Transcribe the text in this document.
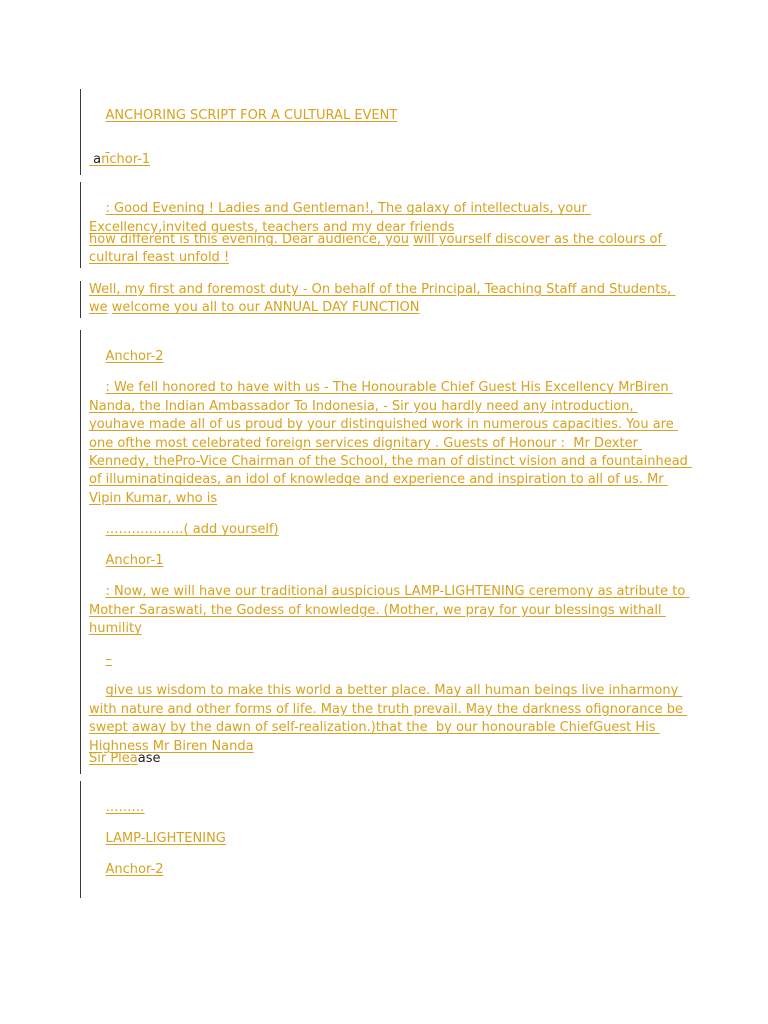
ANCHORING SCRIPT FOR A CULTURAL EVENT

anchor-1

: Good Evening ! Ladies and Gentleman!, The galaxy of intellectuals, your Excellency,invited guests, teachers and my dear friends

how different is this evening. Dear audience, you will yourself discover as the colours of cultural feast unfold !
Well, my first and foremost duty - On behalf of the Principal, Teaching Staff and Students, we welcome you all to our ANNUAL DAY FUNCTION

Anchor-2

: We fell honored to have with us - The Honourable Chief Guest His Excellency MrBiren Nanda, the Indian Ambassador To Indonesia, - Sir you hardly need any introduction, youhave made all of us proud by your distinguished work in numerous capacities. You are one ofthe most celebrated foreign services dignitary . Guests of Honour :  Mr Dexter Kennedy, thePro-Vice Chairman of the School, the man of distinct vision and a fountainhead of illuminatingideas, an idol of knowledge and experience and inspiration to all of us. Mr Vipin Kumar, who is

………………( add yourself)

Anchor-1

: Now, we will have our traditional auspicious LAMP-LIGHTENING ceremony as atribute to Mother Saraswati, the Godess of knowledge. (Mother, we pray for your blessings withall humility

–

give us wisdom to make this world a better place. May all human beings live inharmony with nature and other forms of life. May the truth prevail. May the darkness ofignorance be swept away by the dawn of self-realization.)that the  by our honourable ChiefGuest His Highness Mr Biren Nanda

Sir Pleaase

………

LAMP-LIGHTENING

Anchor-2
